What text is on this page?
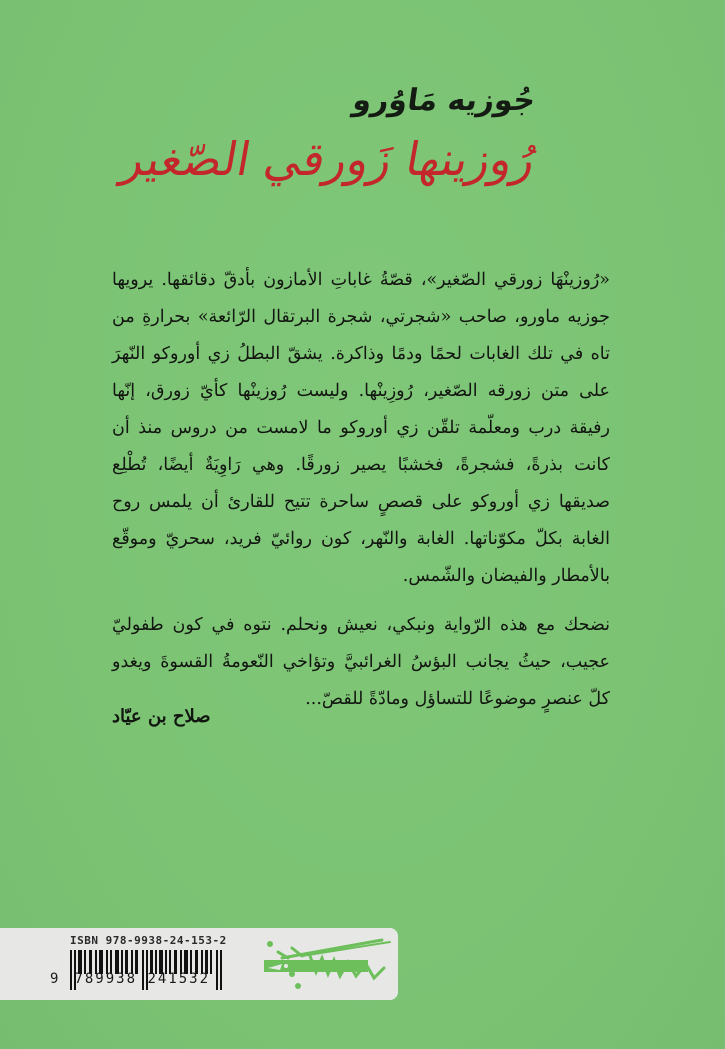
جُوزيه مَاوُرو
رُوزينها زَورقي الصّغير

«رُوزينْهَا زورقي الصّغير»، قصّةُ غاباتِ الأمازون بأدقّ دقائقها. يرويها جوزيه ماورو، صاحب «شجرتي، شجرة البرتقال الرّائعة» بحرارةِ من تاه في تلك الغابات لحمًا ودمًا وذاكرة. يشقّ البطلُ زي أوروكو النّهرَ على متن زورقه الصّغير، رُوزِينْها. وليست رُوزينْها كأيّ زورق، إنّها رفيقة درب ومعلّمة تلقّن زي أوروكو ما لامست من دروس منذ أن كانت بذرةً، فشجرةً، فخشبًا يصير زورقًا. وهي رَاوِيَةٌ أيضًا، تُطْلِع صديقها زي أوروكو على قصصٍ ساحرة تتيح للقارئ أن يلمس روح الغابة بكلّ مكوّناتها. الغابة والنّهر، كون روائيّ فريد، سحريّ وموقّع بالأمطار والفيضان والشّمس.

نضحك مع هذه الرّواية ونبكي، نعيش ونحلم. نتوه في كون طفوليّ عجيب، حيثُ يجانب البؤسُ الغرائبيَّ وتؤاخي النّعومةُ القسوةَ ويغدو كلّ عنصرٍ موضوعًا للتساؤل ومادّةً للقصّ...

صلاح بن عيّاد
ISBN 978-9938-24-153-2
9 789938 241532
